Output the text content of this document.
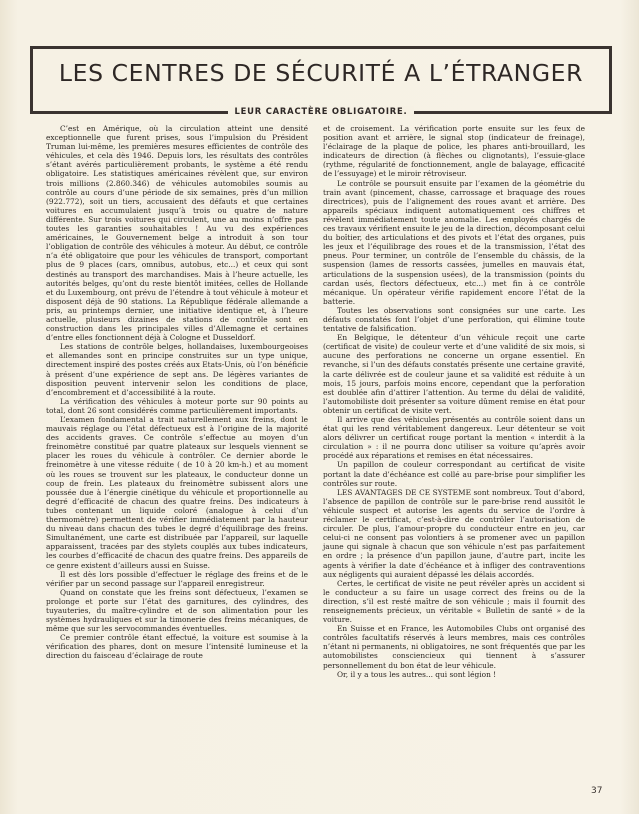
LES CENTRES DE SÉCURITÉ A L’ÉTRANGER
LEUR CARACTÈRE OBLIGATOIRE.

C’est en Amérique, où la circulation atteint une densité exceptionnelle que furent prises, sous l’impulsion du Président Truman lui-même, les premières mesures efficientes de contrôle des véhicules, et cela dès 1946. Depuis lors, les résultats des contrôles s’étant avérés particulièrement probants, le système a été rendu obligatoire. Les statistiques américaines révèlent que, sur environ trois millions (2.860.346) de véhicules automobiles soumis au contrôle au cours d’une période de six semaines, près d’un million (922.772), soit un tiers, accusaient des défauts et que certaines voitures en accumulaient jusqu’à trois ou quatre de nature différente. Sur trois voitures qui circulent, une au moins n’offre pas toutes les garanties souhaitables ! Au vu des expériences américaines, le Gouvernement belge a introduit à son tour l’obligation de contrôle des véhicules à moteur. Au début, ce contrôle n’a été obligatoire que pour les véhicules de transport, comportant plus de 9 places (cars, omnibus, autobus, etc...) et ceux qui sont destinés au transport des marchandises. Mais à l’heure actuelle, les autorités belges, qu’ont du reste bientôt imitées, celles de Hollande et du Luxembourg, ont prévu de l’étendre à tout véhicule à moteur et disposent déjà de 90 stations. La République fédérale allemande a pris, au printemps dernier, une initiative identique et, à l’heure actuelle, plusieurs dizaines de stations de contrôle sont en construction dans les principales villes d’Allemagne et certaines d’entre elles fonctionnent déjà à Cologne et Dusseldorf.

Les stations de contrôle belges, hollandaises, luxembourgeoises et allemandes sont en principe construites sur un type unique, directement inspiré des postes créés aux Etats-Unis, où l’on bénéficie à présent d’une expérience de sept ans. De légères variantes de disposition peuvent intervenir selon les conditions de place, d’encombrement et d’accessibilité à la route.

La vérification des véhicules à moteur porte sur 90 points au total, dont 26 sont considérés comme particulièrement importants.

L’examen fondamental a trait naturellement aux freins, dont le mauvais réglage ou l’état défectueux est à l’origine de la majorité des accidents graves. Ce contrôle s’effectue au moyen d’un freinomètre constitué par quatre plateaux sur lesquels viennent se placer les roues du véhicule à contrôler. Ce dernier aborde le freinomètre à une vitesse réduite ( de 10 à 20 km-h.) et au moment où les roues se trouvent sur les plateaux, le conducteur donne un coup de frein. Les plateaux du freinomètre subissent alors une poussée due à l’énergie cinétique du véhicule et proportionnelle au degré d’efficacité de chacun des quatre freins. Des indicateurs à tubes contenant un liquide coloré (analogue à celui d’un thermomètre) permettent de vérifier immédiatement par la hauteur du niveau dans chacun des tubes le degré d’équilibrage des freins. Simultanément, une carte est distribuée par l’appareil, sur laquelle apparaissent, tracées par des stylets couplés aux tubes indicateurs, les courbes d’efficacité de chacun des quatre freins. Des appareils de ce genre existent d’ailleurs aussi en Suisse.

Il est dès lors possible d’effectuer le réglage des freins et de le vérifier par un second passage sur l’appareil enregistreur.

Quand on constate que les freins sont défectueux, l’examen se prolonge et porte sur l’état des garnitures, des cylindres, des tuyauteries, du maître-cylindre et de son alimentation pour les systèmes hydrauliques et sur la timonerie des freins mécaniques, de même que sur les servocommandes éventuelles.

Ce premier contrôle étant effectué, la voiture est soumise à la vérification des phares, dont on mesure l’intensité lumineuse et la direction du faisceau d’éclairage de route

et de croisement. La vérification porte ensuite sur les feux de position avant et arrière, le signal stop (indicateur de freinage), l’éclairage de la plaque de police, les phares anti-brouillard, les indicateurs de direction (à flèches ou clignotants), l’essuie-glace (rythme, régularité de fonctionnement, angle de balayage, efficacité de l’essuyage) et le miroir rétroviseur.

Le contrôle se poursuit ensuite par l’examen de la géométrie du train avant (pincement, chasse, carrossage et braquage des roues directrices), puis de l’alignement des roues avant et arrière. Des appareils spéciaux indiquent automatiquement ces chiffres et révèlent immédiatement toute anomalie. Les employés chargés de ces travaux vérifient ensuite le jeu de la direction, décomposant celui du boîtier, des articulations et des pivots et l’état des organes, puis les jeux et l’équilibrage des roues et de la transmission, l’état des pneus. Pour terminer, un contrôle de l’ensemble du châssis, de la suspension (lames de ressorts cassées, jumelles en mauvais état, articulations de la suspension usées), de la transmission (points du cardan usés, flectors défectueux, etc...) met fin à ce contrôle mécanique. Un opérateur vérifie rapidement encore l’état de la batterie.

Toutes les observations sont consignées sur une carte. Les défauts constatés font l’objet d’une perforation, qui élimine toute tentative de falsification.

En Belgique, le détenteur d’un véhicule reçoit une carte (certificat de visite) de couleur verte et d’une validité de six mois, si aucune des perforations ne concerne un organe essentiel. En revanche, si l’un des défauts constatés présente une certaine gravité, la carte délivrée est de couleur jaune et sa validité est réduite à un mois, 15 jours, parfois moins encore, cependant que la perforation est doublée afin d’attirer l’attention. Au terme du délai de validité, l’automobiliste doit présenter sa voiture dûment remise en état pour obtenir un certificat de visite vert.

Il arrive que des véhicules présentés au contrôle soient dans un état qui les rend véritablement dangereux. Leur détenteur se voit alors délivrer un certificat rouge portant la mention « interdit à la circulation » : il ne pourra donc utiliser sa voiture qu’après avoir procédé aux réparations et remises en état nécessaires.

Un papillon de couleur correspondant au certificat de visite portant la date d’échéance est collé au pare-brise pour simplifier les contrôles sur route.

LES AVANTAGES DE CE SYSTEME sont nombreux. Tout d’abord, l’absence de papillon de contrôle sur le pare-brise rend aussitôt le véhicule suspect et autorise les agents du service de l’ordre à réclamer le certificat, c’est-à-dire de contrôler l’autorisation de circuler. De plus, l’amour-propre du conducteur entre en jeu, car celui-ci ne consent pas volontiers à se promener avec un papillon jaune qui signale à chacun que son véhicule n’est pas parfaitement en ordre ; la présence d’un papillon jaune, d’autre part, incite les agents à vérifier la date d’échéance et à infliger des contraventions aux négligents qui auraient dépassé les délais accordés.

Certes, le certificat de visite ne peut révéler après un accident si le conducteur a su faire un usage correct des freins ou de la direction, s’il est resté maître de son véhicule ; mais il fournit des renseignements précieux, un véritable « Bulletin de santé » de la voiture.

En Suisse et en France, les Automobiles Clubs ont organisé des contrôles facultatifs réservés à leurs membres, mais ces contrôles n’étant ni permanents, ni obligatoires, ne sont fréquentés que par les automobilistes consciencieux qui tiennent à s’assurer personnellement du bon état de leur véhicule.

Or, il y a tous les autres... qui sont légion !

37
